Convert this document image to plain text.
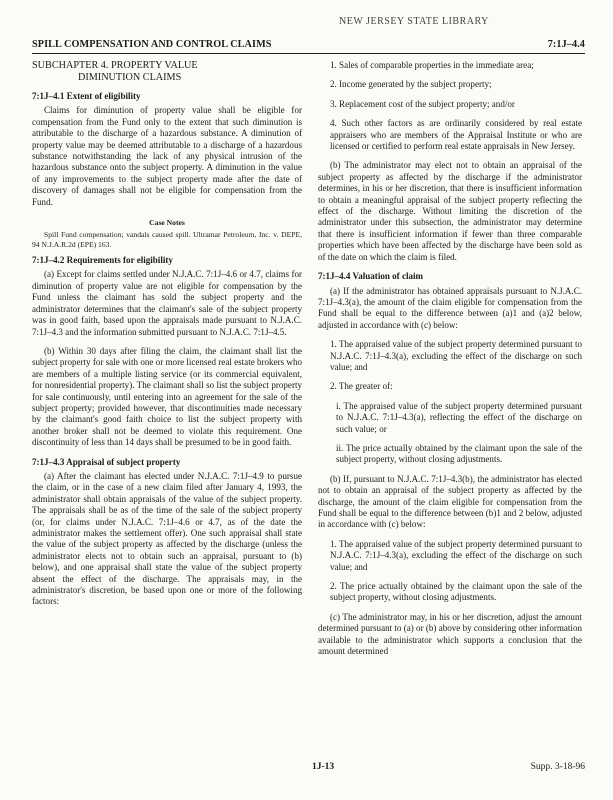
NEW JERSEY STATE LIBRARY
SPILL COMPENSATION AND CONTROL CLAIMS	7:1J–4.4

SUBCHAPTER 4. PROPERTY VALUE
DIMINUTION CLAIMS

7:1J–4.1 Extent of eligibility

Claims for diminution of property value shall be eligible for compensation from the Fund only to the extent that such diminution is attributable to the discharge of a hazardous substance. A diminution of property value may be deemed attributable to a discharge of a hazardous substance notwithstanding the lack of any physical intrusion of the hazardous substance onto the subject property. A diminution in the value of any improvements to the subject property made after the date of discovery of damages shall not be eligible for compensation from the Fund.

Case Notes

Spill Fund compensation; vandals caused spill. Ultramar Petroleum, Inc. v. DEPE, 94 N.J.A.R.2d (EPE) 163.

7:1J–4.2 Requirements for eligibility

(a) Except for claims settled under N.J.A.C. 7:1J–4.6 or 4.7, claims for diminution of property value are not eligible for compensation by the Fund unless the claimant has sold the subject property and the administrator determines that the claimant's sale of the subject property was in good faith, based upon the appraisals made pursuant to N.J.A.C. 7:1J–4.3 and the information submitted pursuant to N.J.A.C. 7:1J–4.5.

(b) Within 30 days after filing the claim, the claimant shall list the subject property for sale with one or more licensed real estate brokers who are members of a multiple listing service (or its commercial equivalent, for nonresidential property). The claimant shall so list the subject property for sale continuously, until entering into an agreement for the sale of the subject property; provided however, that discontinuities made necessary by the claimant's good faith choice to list the subject property with another broker shall not be deemed to violate this requirement. One discontinuity of less than 14 days shall be presumed to be in good faith.

7:1J–4.3 Appraisal of subject property

(a) After the claimant has elected under N.J.A.C. 7:1J–4.9 to pursue the claim, or in the case of a new claim filed after January 4, 1993, the administrator shall obtain appraisals of the value of the subject property. The appraisals shall be as of the time of the sale of the subject property (or, for claims under N.J.A.C. 7:1J–4.6 or 4.7, as of the date the administrator makes the settlement offer). One such appraisal shall state the value of the subject property as affected by the discharge (unless the administrator elects not to obtain such an appraisal, pursuant to (b) below), and one appraisal shall state the value of the subject property absent the effect of the discharge. The appraisals may, in the administrator's discretion, be based upon one or more of the following factors:

1. Sales of comparable properties in the immediate area;

2. Income generated by the subject property;

3. Replacement cost of the subject property; and/or

4. Such other factors as are ordinarily considered by real estate appraisers who are members of the Appraisal Institute or who are licensed or certified to perform real estate appraisals in New Jersey.

(b) The administrator may elect not to obtain an appraisal of the subject property as affected by the discharge if the administrator determines, in his or her discretion, that there is insufficient information to obtain a meaningful appraisal of the subject property reflecting the effect of the discharge. Without limiting the discretion of the administrator under this subsection, the administrator may determine that there is insufficient information if fewer than three comparable properties which have been affected by the discharge have been sold as of the date on which the claim is filed.

7:1J–4.4 Valuation of claim

(a) If the administrator has obtained appraisals pursuant to N.J.A.C. 7:1J–4.3(a), the amount of the claim eligible for compensation from the Fund shall be equal to the difference between (a)1 and (a)2 below, adjusted in accordance with (c) below:

1. The appraised value of the subject property determined pursuant to N.J.A.C. 7:1J–4.3(a), excluding the effect of the discharge on such value; and

2. The greater of:

i. The appraised value of the subject property determined pursuant to N.J.A.C. 7:1J–4.3(a), reflecting the effect of the discharge on such value; or

ii. The price actually obtained by the claimant upon the sale of the subject property, without closing adjustments.

(b) If, pursuant to N.J.A.C. 7:1J–4.3(b), the administrator has elected not to obtain an appraisal of the subject property as affected by the discharge, the amount of the claim eligible for compensation from the Fund shall be equal to the difference between (b)1 and 2 below, adjusted in accordance with (c) below:

1. The appraised value of the subject property determined pursuant to N.J.A.C. 7:1J–4.3(a), excluding the effect of the discharge on such value; and

2. The price actually obtained by the claimant upon the sale of the subject property, without closing adjustments.

(c) The administrator may, in his or her discretion, adjust the amount determined pursuant to (a) or (b) above by considering other information available to the administrator which supports a conclusion that the amount determined

1J-13	Supp. 3-18-96
